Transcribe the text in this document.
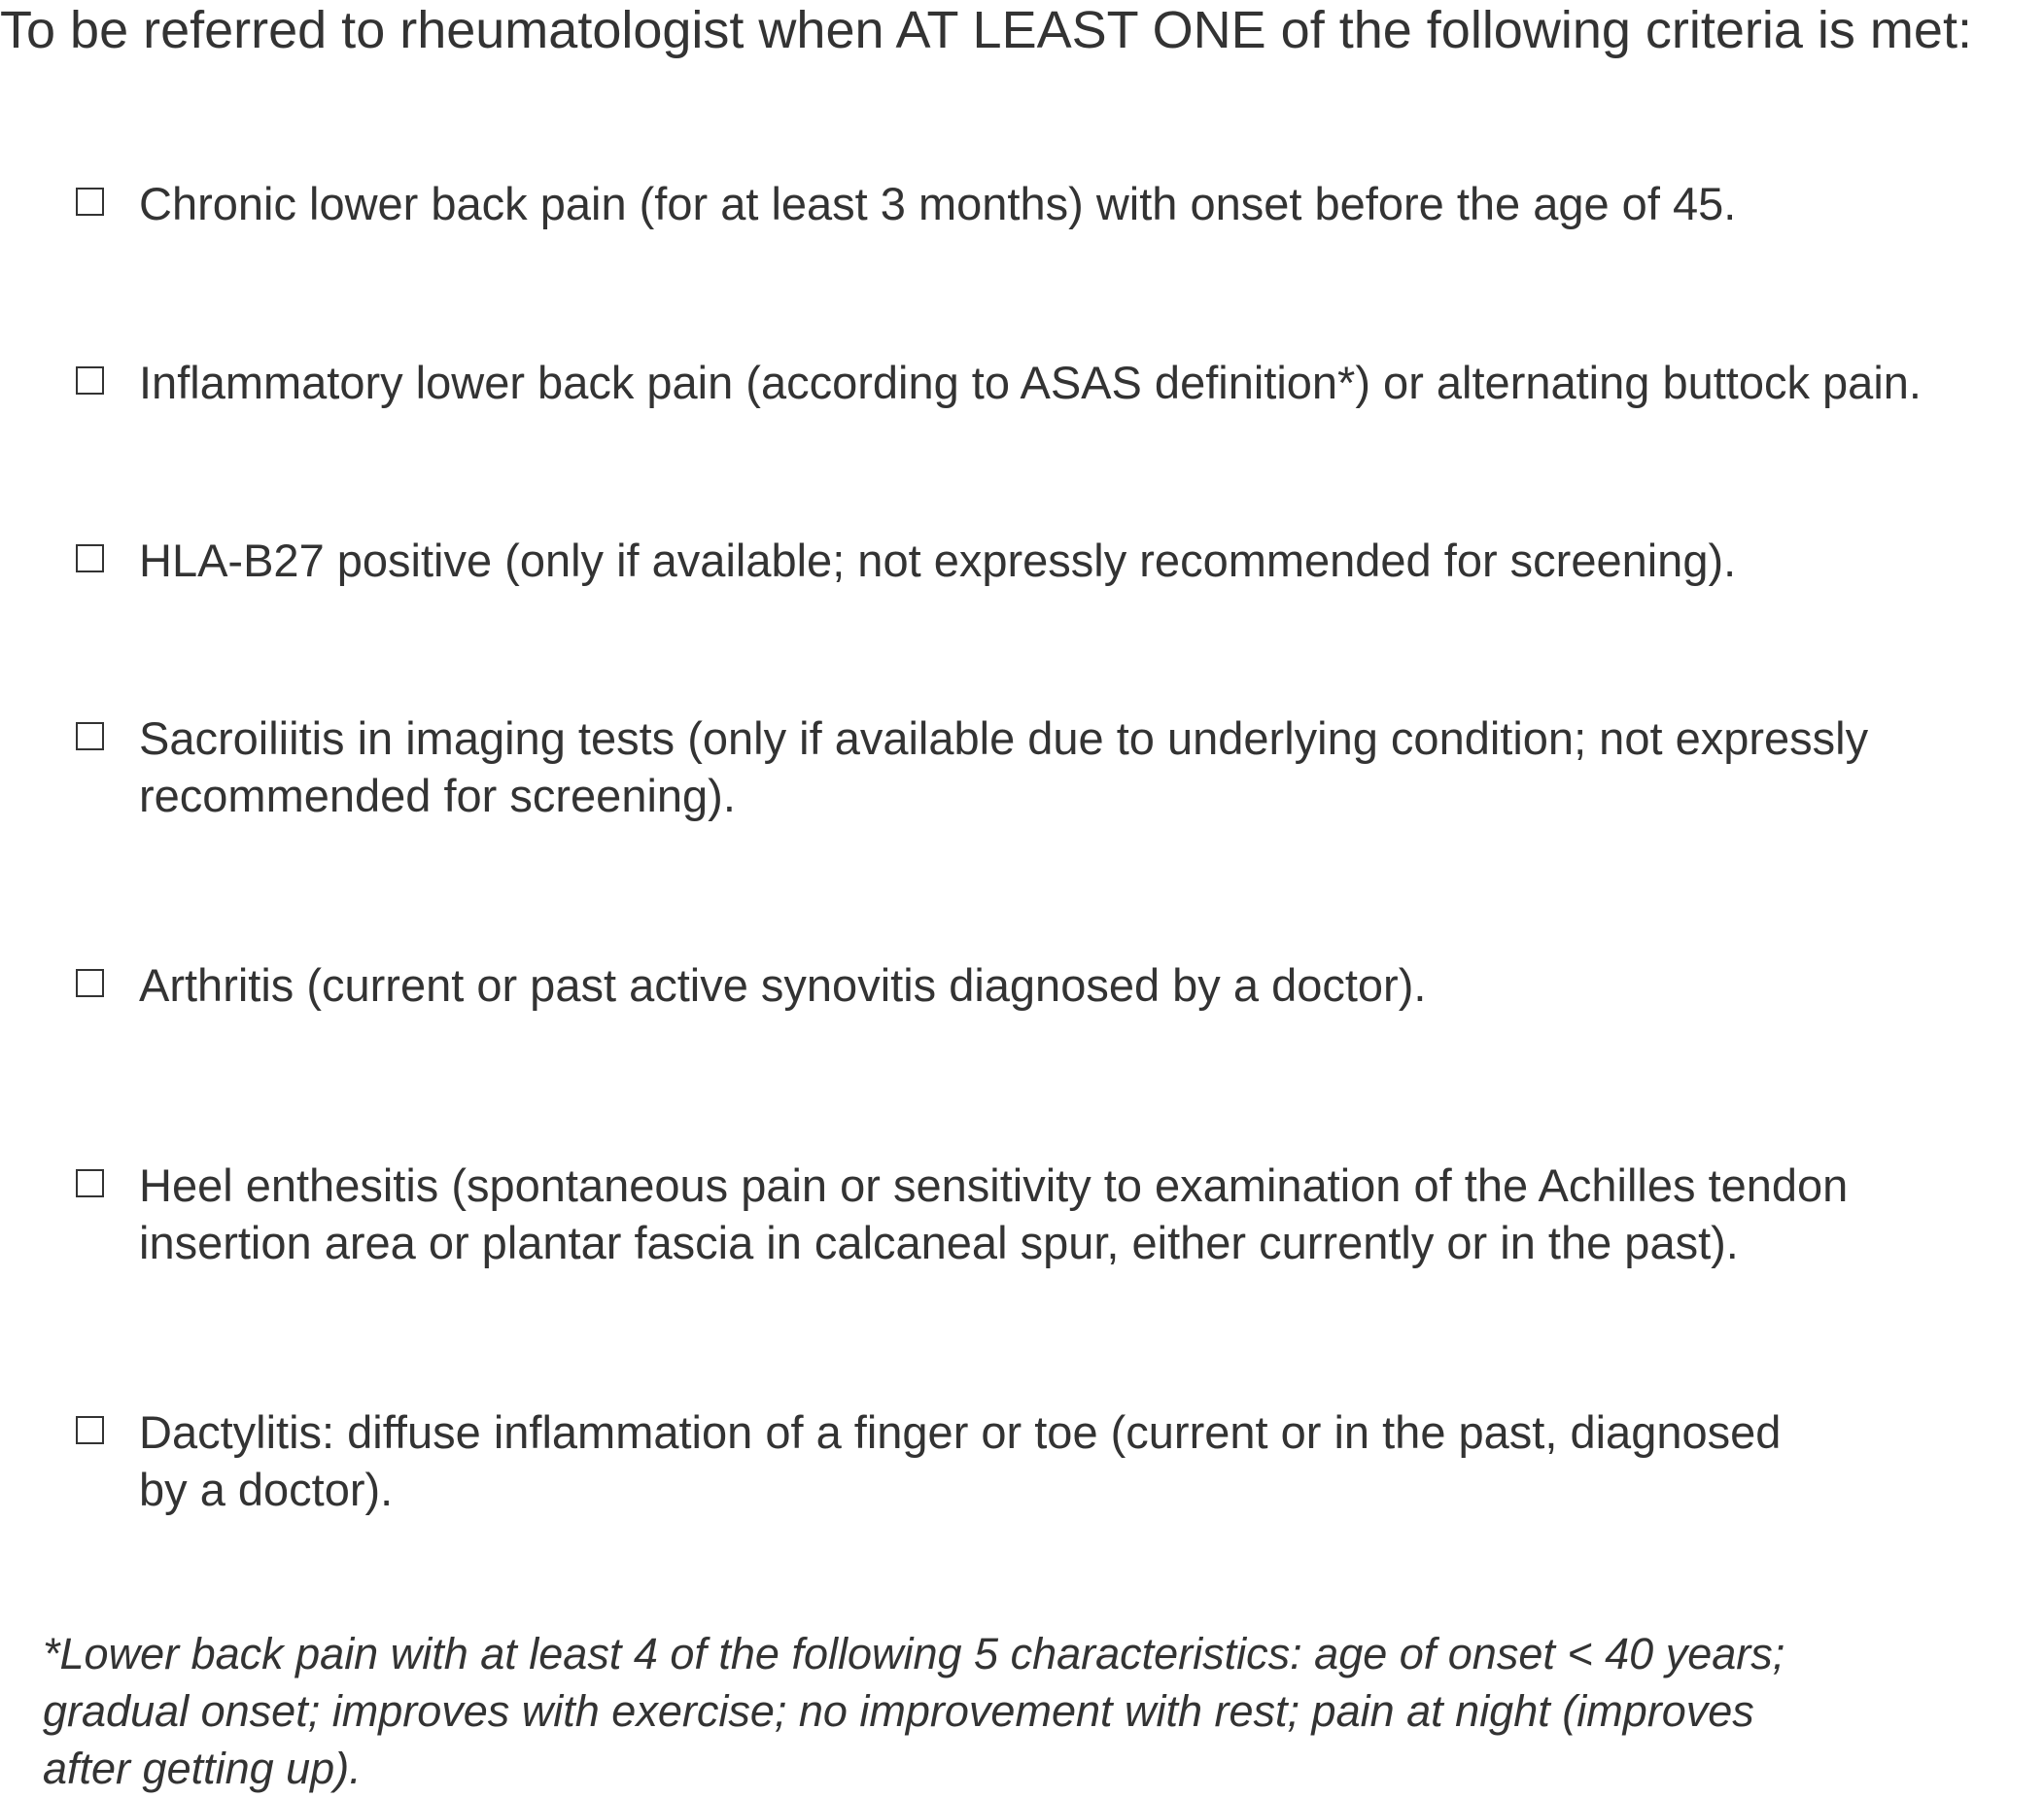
To be referred to rheumatologist when AT LEAST ONE of the following criteria is met:
Chronic lower back pain (for at least 3 months) with onset before the age of 45.
Inflammatory lower back pain (according to ASAS definition*) or alternating buttock pain.
HLA-B27 positive (only if available; not expressly recommended for screening).
Sacroiliitis in imaging tests (only if available due to underlying condition; not expressly
recommended for screening).
Arthritis (current or past active synovitis diagnosed by a doctor).
Heel enthesitis (spontaneous pain or sensitivity to examination of the Achilles tendon
insertion area or plantar fascia in calcaneal spur, either currently or in the past).
Dactylitis: diffuse inflammation of a finger or toe (current or in the past, diagnosed
by a doctor).

*Lower back pain with at least 4 of the following 5 characteristics: age of onset < 40 years;
gradual onset; improves with exercise; no improvement with rest; pain at night (improves
after getting up).
